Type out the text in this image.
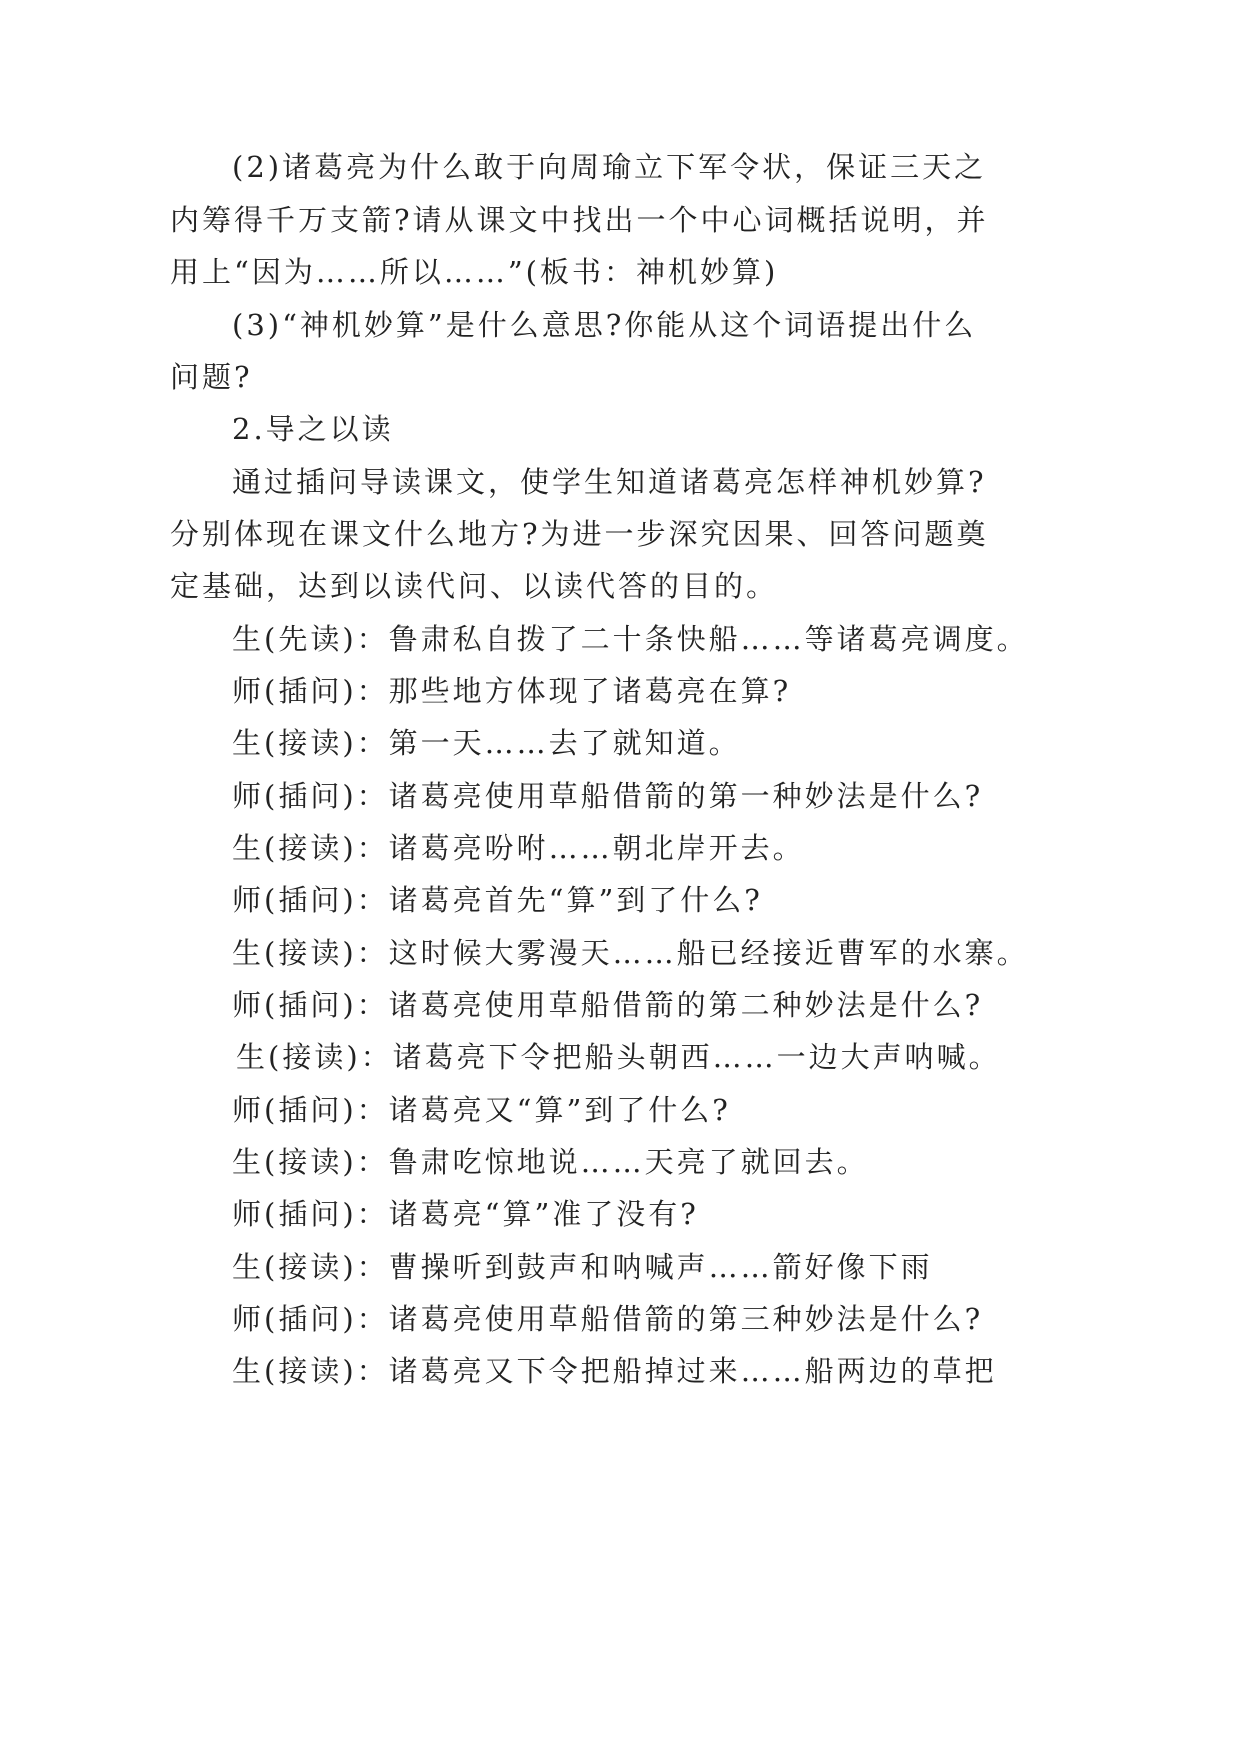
(2)诸葛亮为什么敢于向周瑜立下军令状，保证三天之
内筹得千万支箭?请从课文中找出一个中心词概括说明，并
用上“因为……所以……”(板书：神机妙算)
(3)“神机妙算”是什么意思?你能从这个词语提出什么
问题?
2.导之以读
通过插问导读课文，使学生知道诸葛亮怎样神机妙算?
分别体现在课文什么地方?为进一步深究因果、回答问题奠
定基础，达到以读代问、以读代答的目的。
生(先读)：鲁肃私自拨了二十条快船……等诸葛亮调度。
师(插问)：那些地方体现了诸葛亮在算?
生(接读)：第一天……去了就知道。
师(插问)：诸葛亮使用草船借箭的第一种妙法是什么?
生(接读)：诸葛亮吩咐……朝北岸开去。
师(插问)：诸葛亮首先“算”到了什么?
生(接读)：这时候大雾漫天……船已经接近曹军的水寨。
师(插问)：诸葛亮使用草船借箭的第二种妙法是什么?
生(接读)：诸葛亮下令把船头朝西……一边大声呐喊。
师(插问)：诸葛亮又“算”到了什么?
生(接读)：鲁肃吃惊地说……天亮了就回去。
师(插问)：诸葛亮“算”准了没有?
生(接读)：曹操听到鼓声和呐喊声……箭好像下雨
师(插问)：诸葛亮使用草船借箭的第三种妙法是什么?
生(接读)：诸葛亮又下令把船掉过来……船两边的草把
